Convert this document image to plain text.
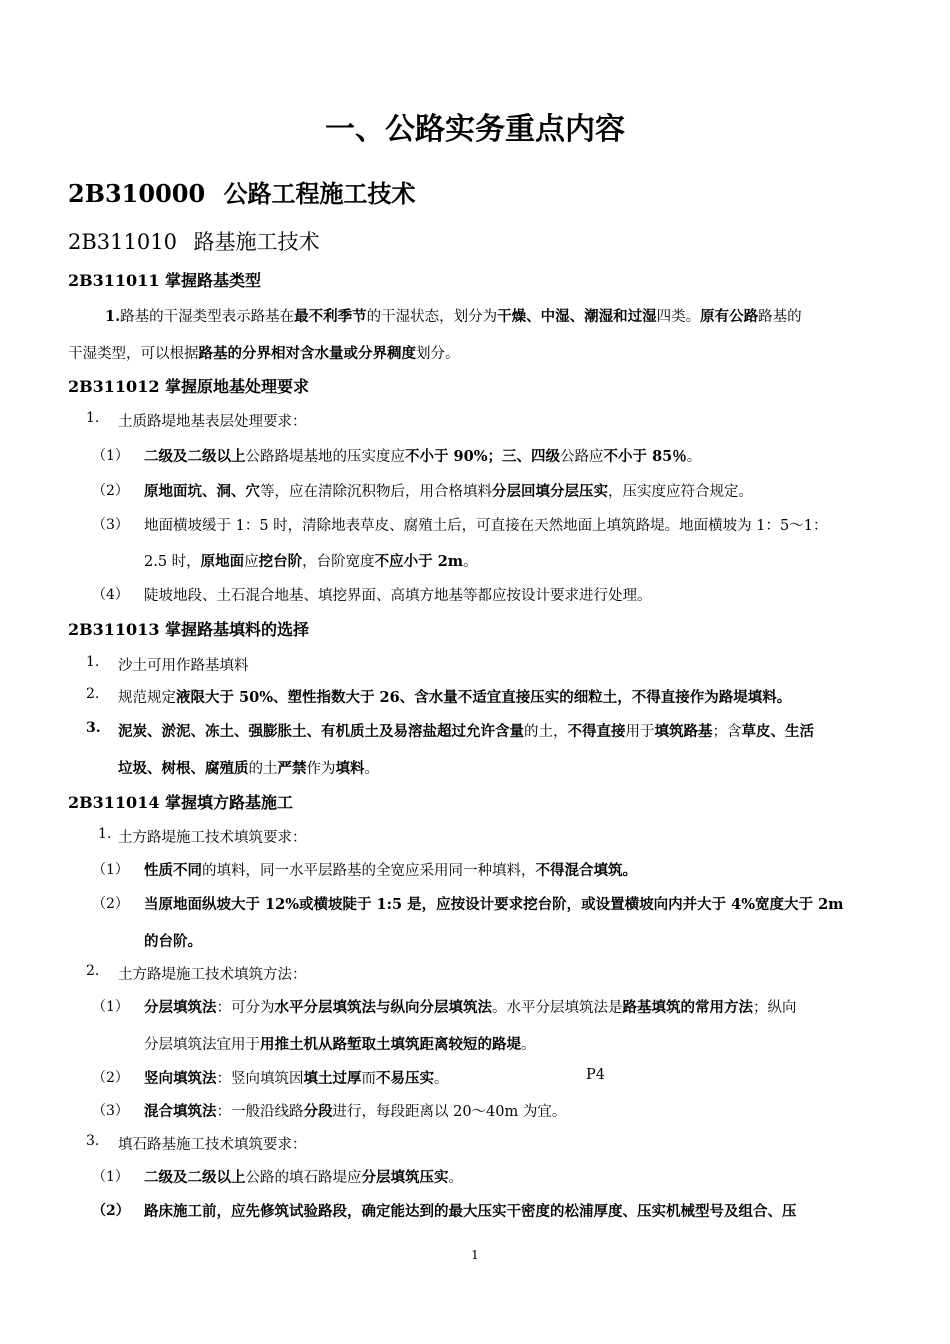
一、公路实务重点内容
2B310000 公路工程施工技术
2B311010 路基施工技术
2B311011 掌握路基类型
1.路基的干湿类型表示路基在最不利季节的干湿状态，划分为干燥、中湿、潮湿和过湿四类。原有公路路基的
干湿类型，可以根据路基的分界相对含水量或分界稠度划分。
2B311012 掌握原地基处理要求
1. 土质路堤地基表层处理要求：
（1） 二级及二级以上公路路堤基地的压实度应不小于 90%；三、四级公路应不小于 85％。
（2） 原地面坑、洞、穴等，应在清除沉积物后，用合格填料分层回填分层压实，压实度应符合规定。
（3） 地面横坡缓于 1：5 时，清除地表草皮、腐殖土后，可直接在天然地面上填筑路堤。地面横坡为 1：5～1：
2.5 时，原地面应挖台阶，台阶宽度不应小于 2m。
（4） 陡坡地段、土石混合地基、填挖界面、高填方地基等都应按设计要求进行处理。
2B311013 掌握路基填料的选择
1. 沙土可用作路基填料
2. 规范规定液限大于 50%、塑性指数大于 26、含水量不适宜直接压实的细粒土，不得直接作为路堤填料。
3. 泥炭、淤泥、冻土、强膨胀土、有机质土及易溶盐超过允许含量的土，不得直接用于填筑路基；含草皮、生活
垃圾、树根、腐殖质的土严禁作为填料。
2B311014 掌握填方路基施工
1. 土方路堤施工技术填筑要求：
（1） 性质不同的填料，同一水平层路基的全宽应采用同一种填料，不得混合填筑。
（2） 当原地面纵坡大于 12%或横坡陡于 1:5 是，应按设计要求挖台阶，或设置横坡向内并大于 4%宽度大于 2m
的台阶。
2. 土方路堤施工技术填筑方法：
（1） 分层填筑法：可分为水平分层填筑法与纵向分层填筑法。水平分层填筑法是路基填筑的常用方法；纵向
分层填筑法宜用于用推土机从路堑取土填筑距离较短的路堤。
（2） 竖向填筑法：竖向填筑因填土过厚而不易压实。	P4
（3） 混合填筑法：一般沿线路分段进行，每段距离以 20～40m 为宜。
3. 填石路基施工技术填筑要求：
（1） 二级及二级以上公路的填石路堤应分层填筑压实。
（2） 路床施工前，应先修筑试验路段，确定能达到的最大压实干密度的松浦厚度、压实机械型号及组合、压
1
